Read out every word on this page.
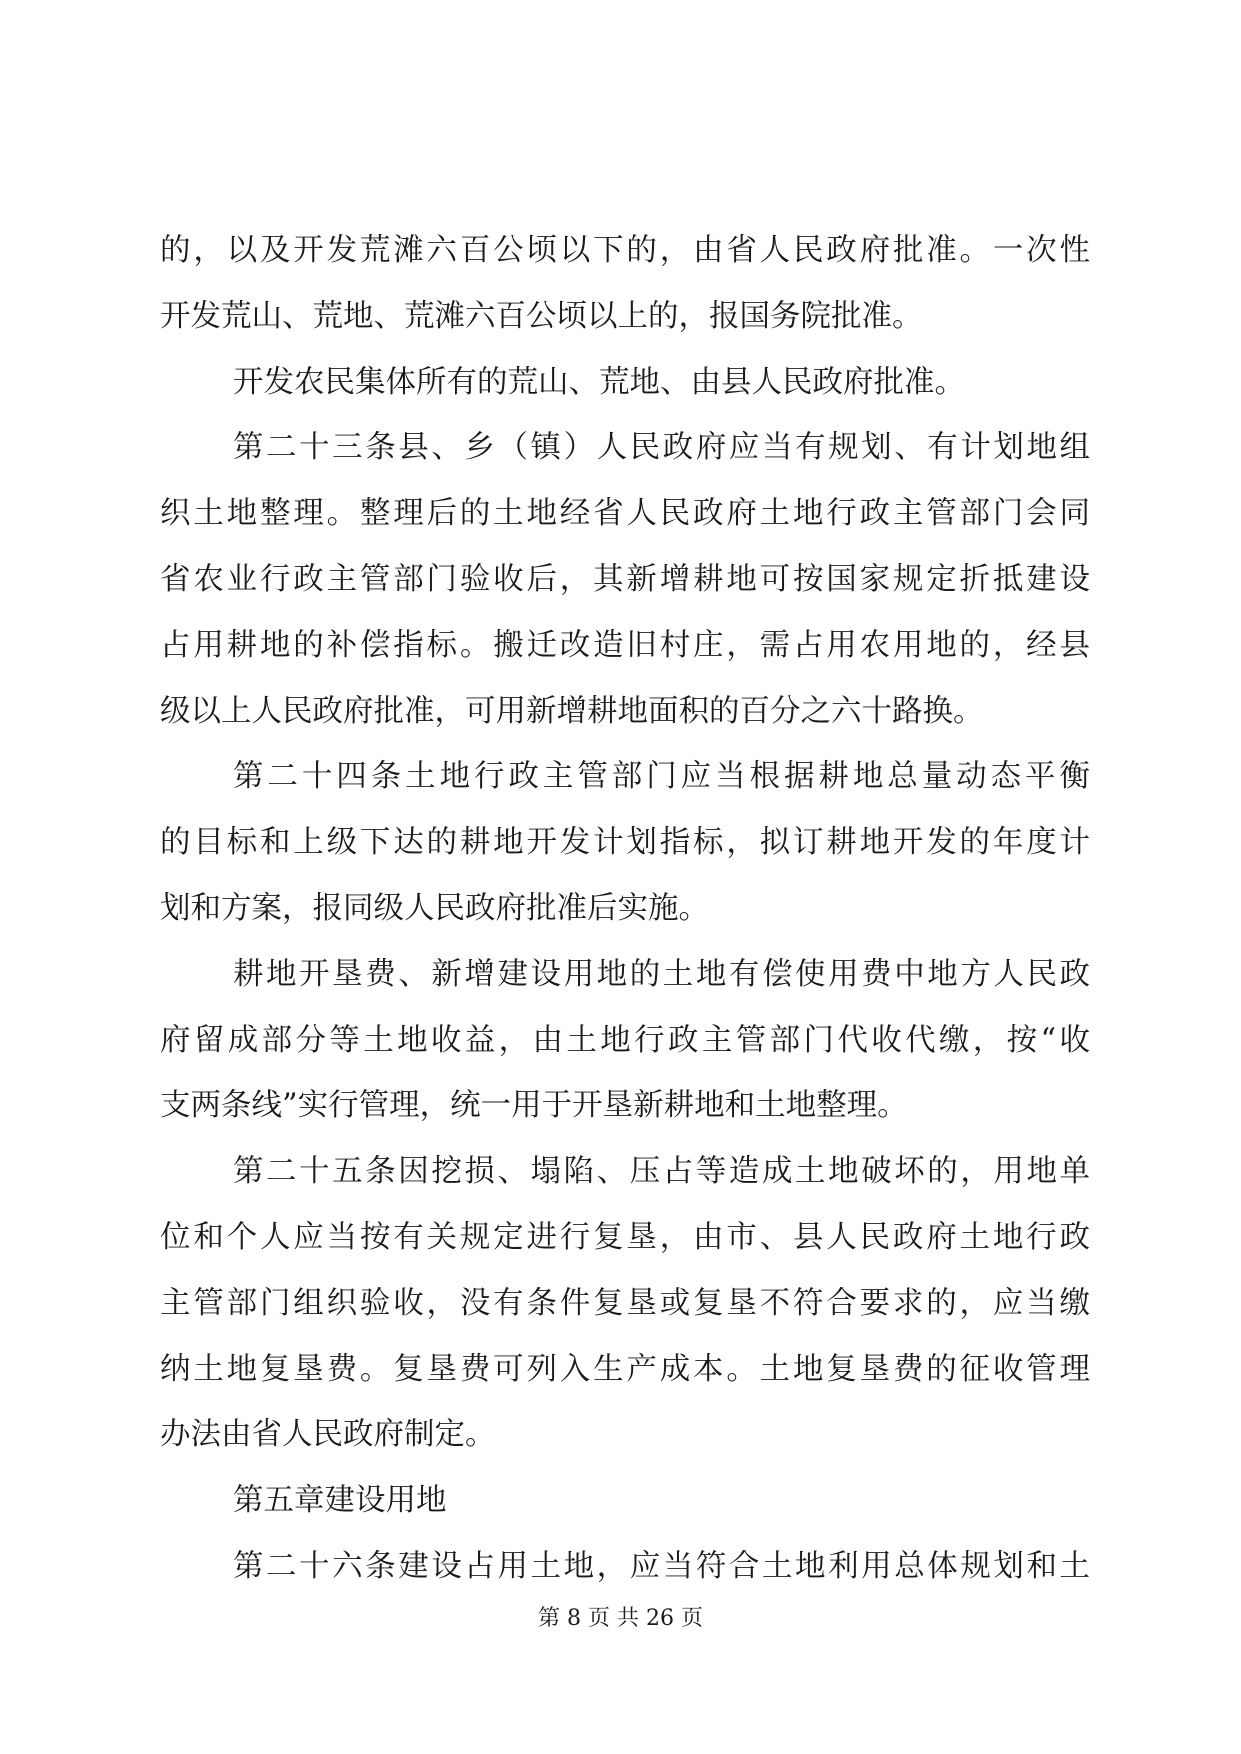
的，以及开发荒滩六百公顷以下的，由省人民政府批准。一次性
开发荒山、荒地、荒滩六百公顷以上的，报国务院批准。
开发农民集体所有的荒山、荒地、由县人民政府批准。
第二十三条县、乡（镇）人民政府应当有规划、有计划地组
织土地整理。整理后的土地经省人民政府土地行政主管部门会同
省农业行政主管部门验收后，其新增耕地可按国家规定折抵建设
占用耕地的补偿指标。搬迁改造旧村庄，需占用农用地的，经县
级以上人民政府批准，可用新增耕地面积的百分之六十路换。
第二十四条土地行政主管部门应当根据耕地总量动态平衡
的目标和上级下达的耕地开发计划指标，拟订耕地开发的年度计
划和方案，报同级人民政府批准后实施。
耕地开垦费、新增建设用地的土地有偿使用费中地方人民政
府留成部分等土地收益，由土地行政主管部门代收代缴，按“收
支两条线”实行管理，统一用于开垦新耕地和土地整理。
第二十五条因挖损、塌陷、压占等造成土地破坏的，用地单
位和个人应当按有关规定进行复垦，由市、县人民政府土地行政
主管部门组织验收，没有条件复垦或复垦不符合要求的，应当缴
纳土地复垦费。复垦费可列入生产成本。土地复垦费的征收管理
办法由省人民政府制定。
第五章建设用地
第二十六条建设占用土地，应当符合土地利用总体规划和土
第 8 页 共 26 页
